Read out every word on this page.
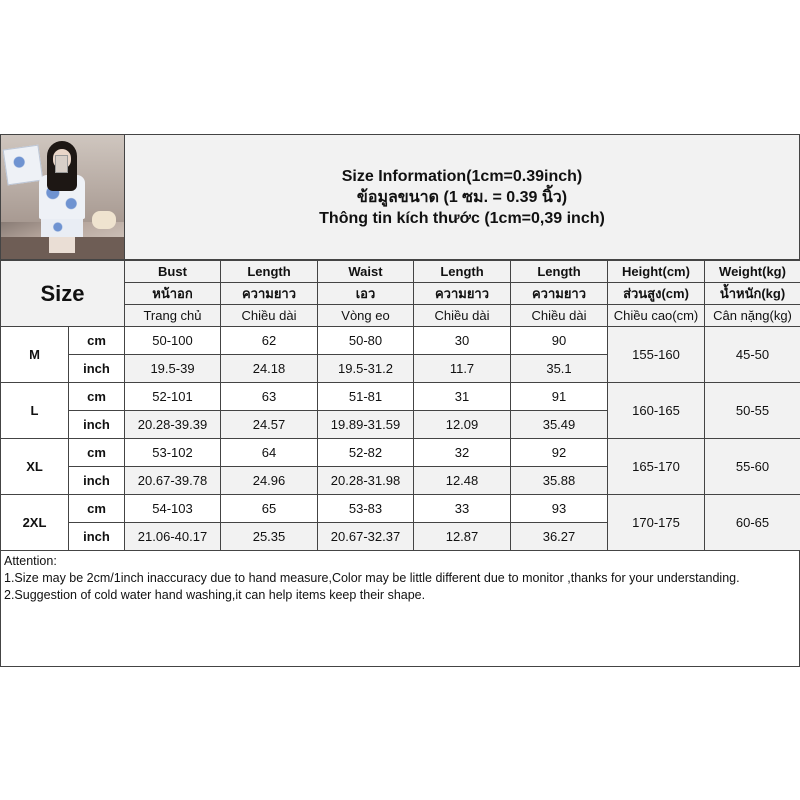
Size Information(1cm=0.39inch)
ข้อมูลขนาด (1 ซม. = 0.39 นิ้ว)
Thông tin kích thước (1cm=0,39 inch)
Size		Bust	Length	Waist	Length	Length	Height(cm)	Weight(kg)
		หน้าอก	ความยาว	เอว	ความยาว	ความยาว	ส่วนสูง(cm)	น้ำหนัก(kg)
		Trang chủ	Chiều dài	Vòng eo	Chiều dài	Chiều dài	Chiều cao(cm)	Cân nặng(kg)
M	cm	50-100	62	50-80	30	90	155-160	45-50
	inch	19.5-39	24.18	19.5-31.2	11.7	35.1		
L	cm	52-101	63	51-81	31	91	160-165	50-55
	inch	20.28-39.39	24.57	19.89-31.59	12.09	35.49		
XL	cm	53-102	64	52-82	32	92	165-170	55-60
	inch	20.67-39.78	24.96	20.28-31.98	12.48	35.88		
2XL	cm	54-103	65	53-83	33	93	170-175	60-65
	inch	21.06-40.17	25.35	20.67-32.37	12.87	36.27		
Attention:
1.Size may be 2cm/1inch inaccuracy due to hand measure,Color may be little different due to monitor ,thanks for your understanding.
2.Suggestion of cold water hand washing,it can help items keep their shape.
